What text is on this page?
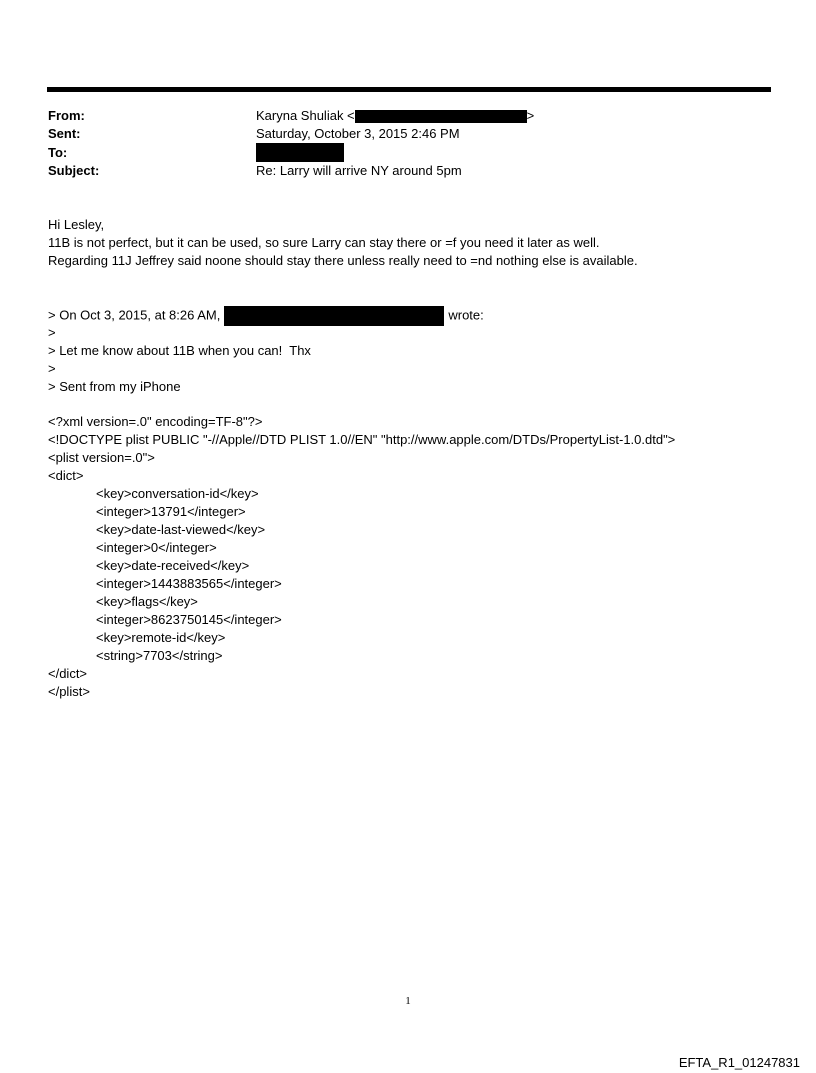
From:	Karyna Shuliak <	>
Sent:	Saturday, October 3, 2015 2:46 PM
To:
Subject:	Re: Larry will arrive NY around 5pm
Hi Lesley,
11B is not perfect, but it can be used, so sure Larry can stay there or =f you need it later as well.
Regarding 11J Jeffrey said noone should stay there unless really need to =nd nothing else is available.
> On Oct 3, 2015, at 8:26 AM,	wrote:
>
> Let me know about 11B when you can!  Thx
>
> Sent from my iPhone
<?xml version=.0" encoding=TF-8"?>
<!DOCTYPE plist PUBLIC "-//Apple//DTD PLIST 1.0//EN" "http://www.apple.com/DTDs/PropertyList-1.0.dtd">
<plist version=.0">
<dict>
<key>conversation-id</key>
<integer>13791</integer>
<key>date-last-viewed</key>
<integer>0</integer>
<key>date-received</key>
<integer>1443883565</integer>
<key>flags</key>
<integer>8623750145</integer>
<key>remote-id</key>
<string>7703</string>
</dict>
</plist>
1
EFTA_R1_01247831
